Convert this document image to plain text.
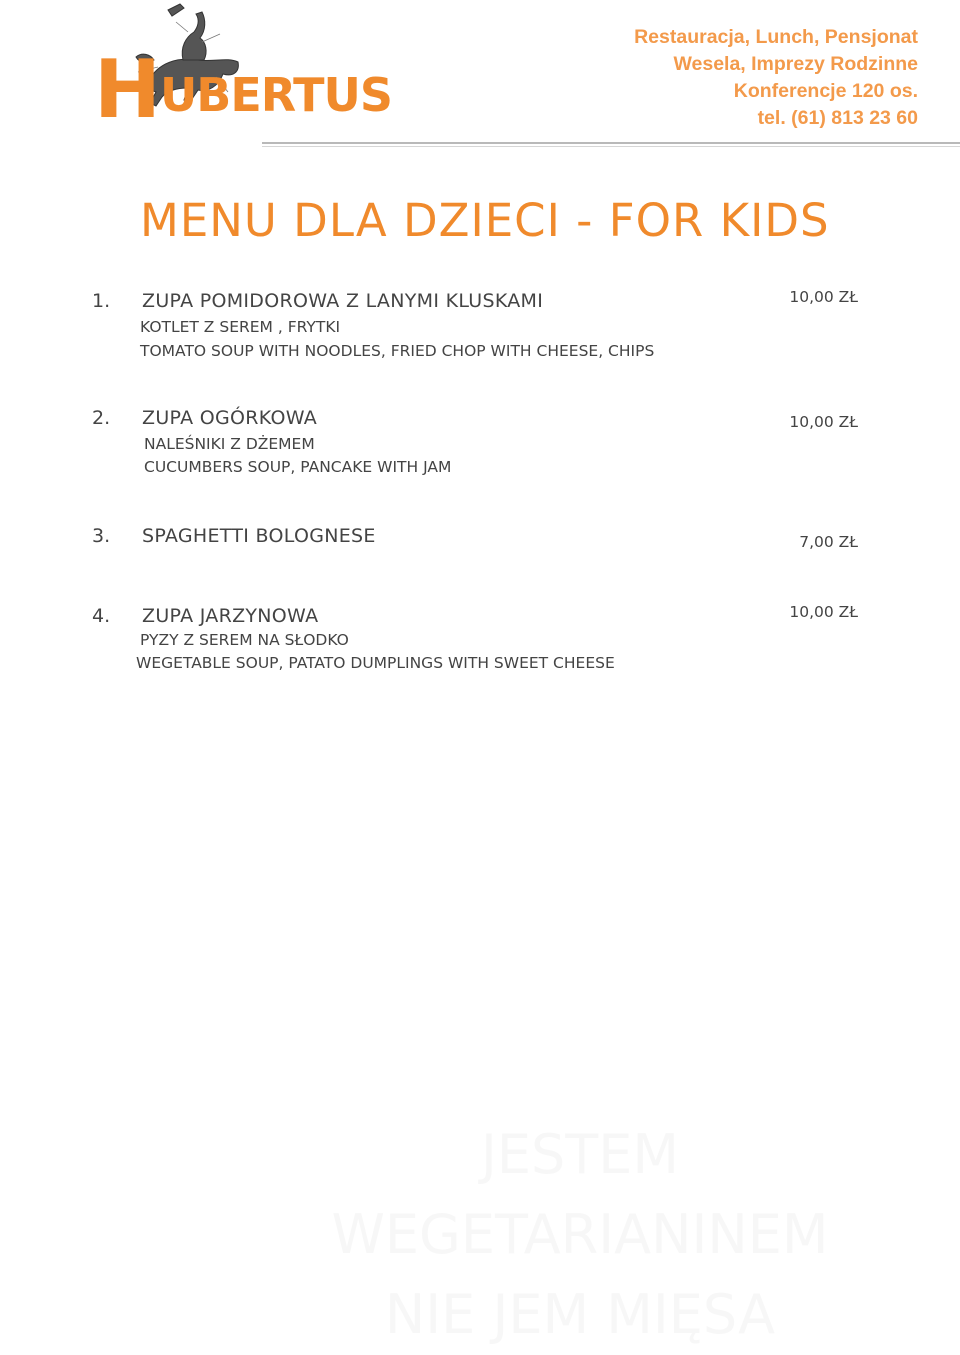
HUBERTUS
Restauracja, Lunch, Pensjonat
Wesela, Imprezy Rodzinne
Konferencje 120 os.
tel. (61) 813 23 60
MENU DLA DZIECI - FOR KIDS
1. ZUPA POMIDOROWA Z LANYMI KLUSKAMI	10,00 ZŁ
KOTLET Z SEREM , FRYTKI
TOMATO SOUP WITH NOODLES, FRIED CHOP WITH CHEESE, CHIPS
2. ZUPA OGÓRKOWA	10,00 ZŁ
NALEŚNIKI Z DŻEMEM
CUCUMBERS SOUP, PANCAKE WITH JAM
3. SPAGHETTI BOLOGNESE	7,00 ZŁ
4. ZUPA JARZYNOWA	10,00 ZŁ
PYZY Z SEREM NA SŁODKO
WEGETABLE SOUP, PATATO DUMPLINGS WITH SWEET CHEESE
JESTEM
WEGETARIANINEM
NIE JEM MIĘSA
